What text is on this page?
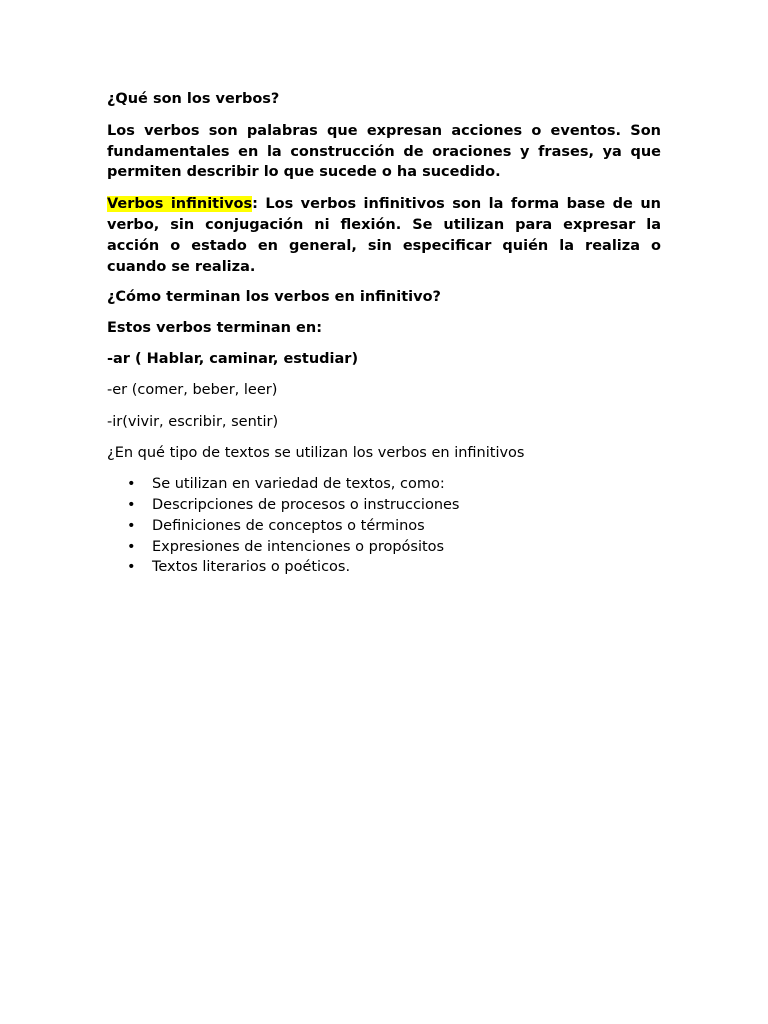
¿Qué son los verbos?

Los verbos son palabras que expresan acciones o eventos. Son fundamentales en la construcción de oraciones y frases, ya que permiten describir lo que sucede o ha sucedido.

Verbos infinitivos: Los verbos infinitivos son la forma base de un verbo, sin conjugación ni flexión. Se utilizan para expresar la acción o estado en general, sin especificar quién la realiza o cuando se realiza.

¿Cómo terminan los verbos en infinitivo?

Estos verbos terminan en:

-ar ( Hablar, caminar, estudiar)

-er (comer, beber, leer)

-ir(vivir, escribir, sentir)

¿En qué tipo de textos se utilizan los verbos en infinitivos

• Se utilizan en variedad de textos, como:
• Descripciones de procesos o instrucciones
• Definiciones de conceptos o términos
• Expresiones de intenciones o propósitos
• Textos literarios o poéticos.
